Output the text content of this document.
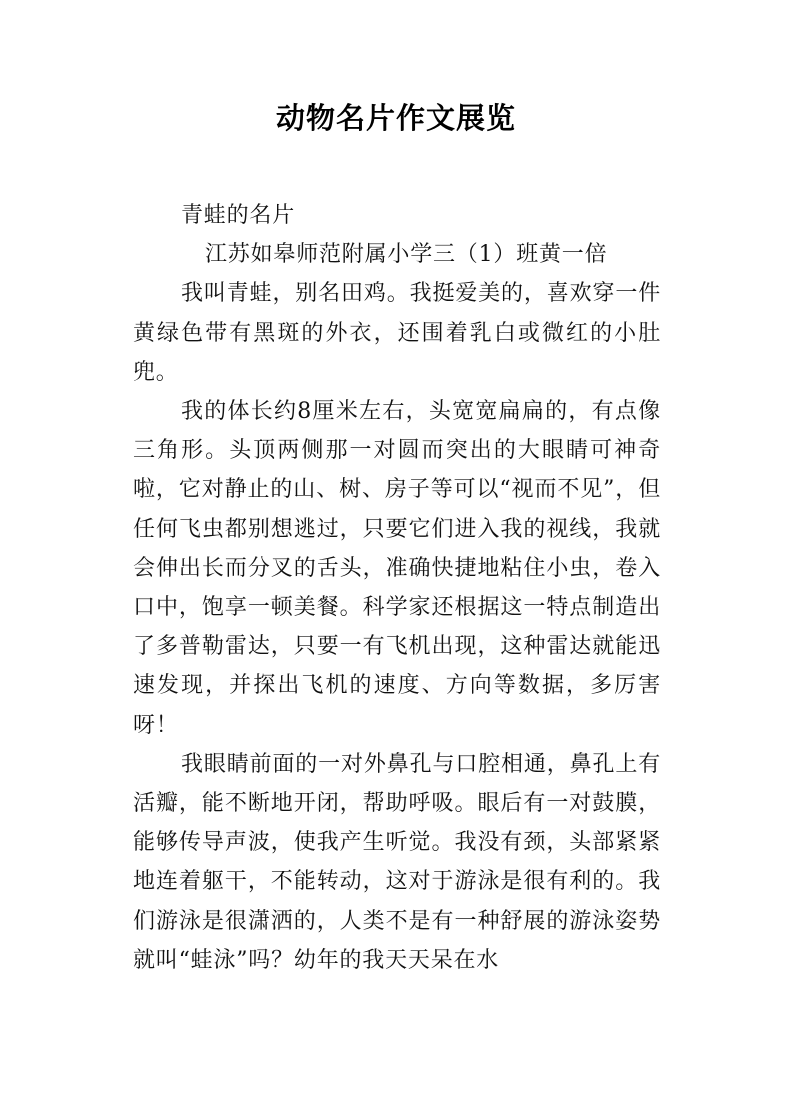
动物名片作文展览

青蛙的名片

江苏如皋师范附属小学三（1）班黄一倍

我叫青蛙，别名田鸡。我挺爱美的，喜欢穿一件黄绿色带有黑斑的外衣，还围着乳白或微红的小肚兜。

我的体长约8厘米左右，头宽宽扁扁的，有点像三角形。头顶两侧那一对圆而突出的大眼睛可神奇啦，它对静止的山、树、房子等可以“视而不见”，但任何飞虫都别想逃过，只要它们进入我的视线，我就会伸出长而分叉的舌头，准确快捷地粘住小虫，卷入口中，饱享一顿美餐。科学家还根据这一特点制造出了多普勒雷达，只要一有飞机出现，这种雷达就能迅速发现，并探出飞机的速度、方向等数据，多厉害呀！

我眼睛前面的一对外鼻孔与口腔相通，鼻孔上有活瓣，能不断地开闭，帮助呼吸。眼后有一对鼓膜，能够传导声波，使我产生听觉。我没有颈，头部紧紧地连着躯干，不能转动，这对于游泳是很有利的。我们游泳是很潇洒的，人类不是有一种舒展的游泳姿势就叫“蛙泳”吗？幼年的我天天呆在水
